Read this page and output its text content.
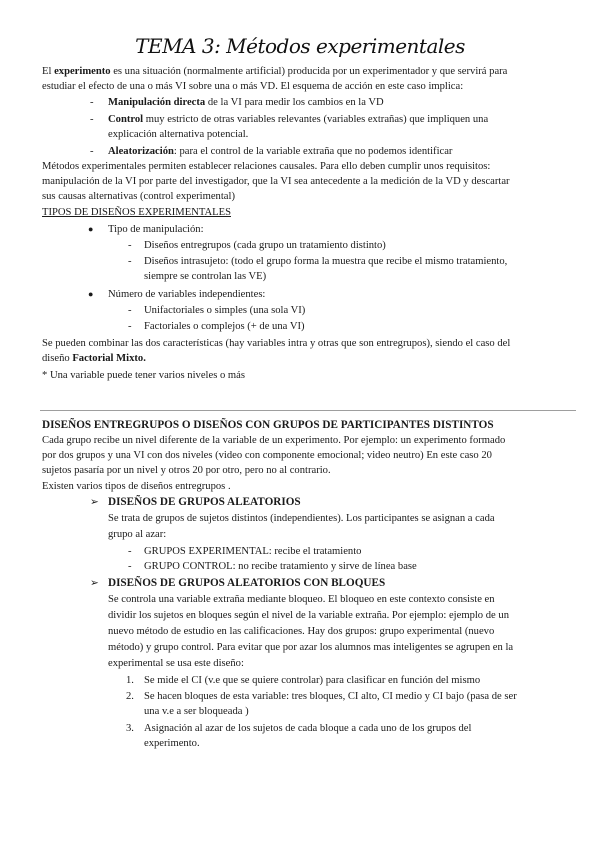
TEMA 3: Métodos experimentales
El experimento es una situación (normalmente artificial) producida por un experimentador y que servirá para
estudiar el efecto de una o más VI sobre una o más VD. El esquema de acción en este caso implica:
- Manipulación directa de la VI para medir los cambios en la VD
- Control muy estricto de otras variables relevantes (variables extrañas) que impliquen una
explicación alternativa potencial.
- Aleatorización: para el control de la variable extraña que no podemos identificar
Métodos experimentales permiten establecer relaciones causales. Para ello deben cumplir unos requisitos:
manipulación de la VI por parte del investigador, que la VI sea antecedente a la medición de la VD y descartar
sus causas alternativas (control experimental)
TIPOS DE DISEÑOS EXPERIMENTALES
● Tipo de manipulación:
- Diseños entregrupos (cada grupo un tratamiento distinto)
- Diseños intrasujeto: (todo el grupo forma la muestra que recibe el mismo tratamiento,
siempre se controlan las VE)
● Número de variables independientes:
- Unifactoriales o simples (una sola VI)
- Factoriales o complejos (+ de una VI)
Se pueden combinar las dos características (hay variables intra y otras que son entregrupos), siendo el caso del
diseño Factorial Mixto.
* Una variable puede tener varios niveles o más
DISEÑOS ENTREGRUPOS O DISEÑOS CON GRUPOS DE PARTICIPANTES DISTINTOS
Cada grupo recibe un nivel diferente de la variable de un experimento. Por ejemplo: un experimento formado
por dos grupos y una VI con dos niveles (video con componente emocional; video neutro) En este caso 20
sujetos pasaría por un nivel y otros 20 por otro, pero no al contrario.
Existen varios tipos de diseños entregrupos .
➢ DISEÑOS DE GRUPOS ALEATORIOS
Se trata de grupos de sujetos distintos (independientes). Los participantes se asignan a cada
grupo al azar:
- GRUPOS EXPERIMENTAL: recibe el tratamiento
- GRUPO CONTROL: no recibe tratamiento y sirve de línea base
➢ DISEÑOS DE GRUPOS ALEATORIOS CON BLOQUES
Se controla una variable extraña mediante bloqueo. El bloqueo en este contexto consiste en
dividir los sujetos en bloques según el nivel de la variable extraña. Por ejemplo: ejemplo de un
nuevo método de estudio en las calificaciones. Hay dos grupos: grupo experimental (nuevo
método) y grupo control. Para evitar que por azar los alumnos mas inteligentes se agrupen en la
experimental se usa este diseño:
1. Se mide el CI (v.e que se quiere controlar) para clasificar en función del mismo
2. Se hacen bloques de esta variable: tres bloques, CI alto, CI medio y CI bajo (pasa de ser
una v.e a ser bloqueada )
3. Asignación al azar de los sujetos de cada bloque a cada uno de los grupos del
experimento.
